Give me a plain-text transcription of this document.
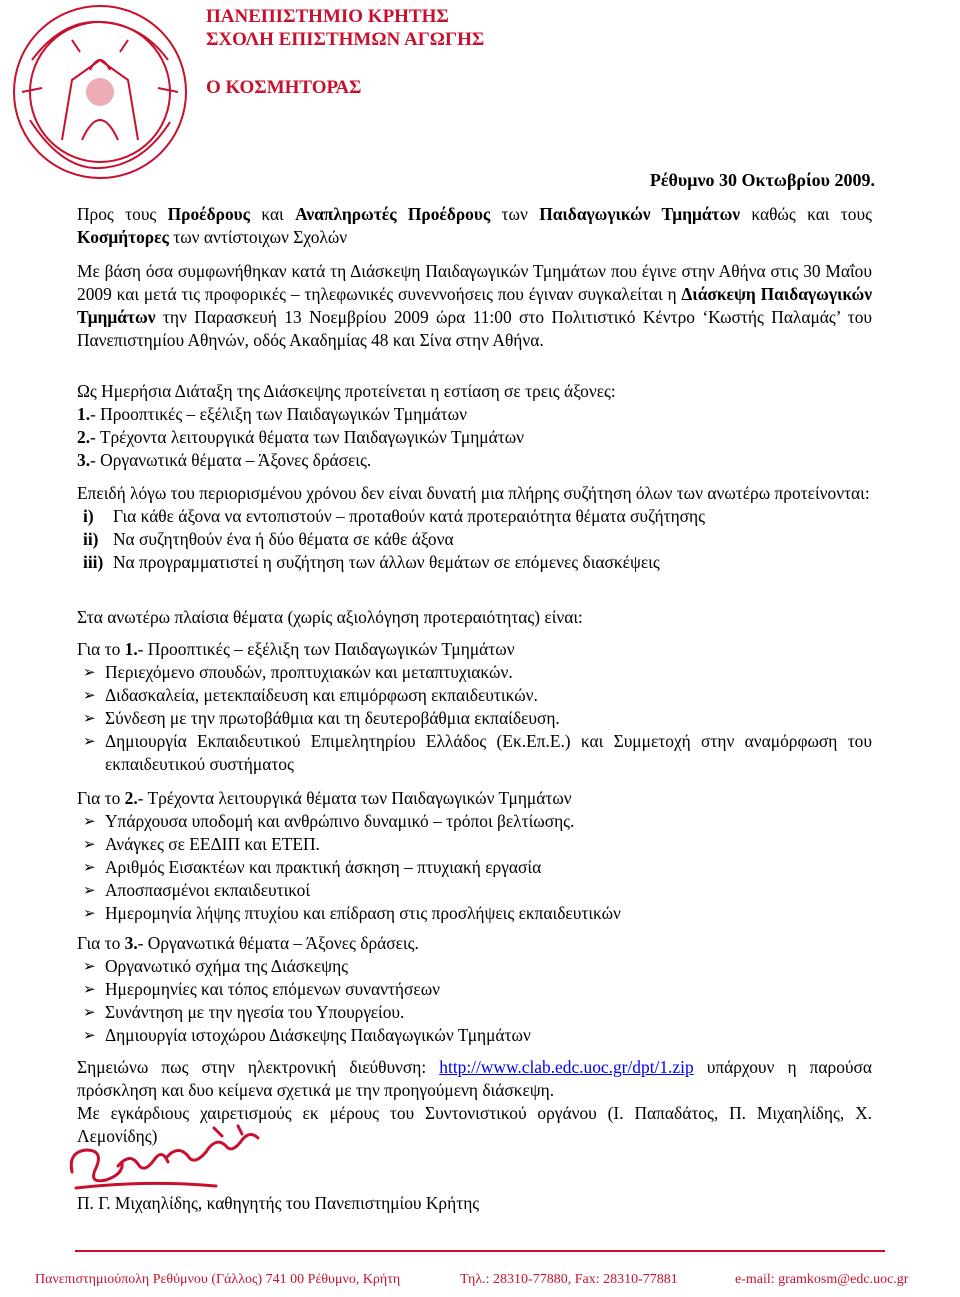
ΠΑΝΕΠΙΣΤΗΜΙΟ ΚΡΗΤΗΣ
ΣΧΟΛΗ ΕΠΙΣΤΗΜΩΝ ΑΓΩΓΗΣ
Ο ΚΟΣΜΗΤΟΡΑΣ
Ρέθυμνο 30 Οκτωβρίου 2009.
Προς τους Προέδρους και Αναπληρωτές Προέδρους των Παιδαγωγικών Τμημάτων καθώς και τους Κοσμήτορες των αντίστοιχων Σχολών
Με βάση όσα συμφωνήθηκαν κατά τη Διάσκεψη Παιδαγωγικών Τμημάτων που έγινε στην Αθήνα στις 30 Μαΐου 2009 και μετά τις προφορικές – τηλεφωνικές συνεννοήσεις που έγιναν συγκαλείται η Διάσκεψη Παιδαγωγικών Τμημάτων την Παρασκευή 13 Νοεμβρίου 2009 ώρα 11:00 στο Πολιτιστικό Κέντρο ‘Κωστής Παλαμάς’ του Πανεπιστημίου Αθηνών, οδός Ακαδημίας 48 και Σίνα στην Αθήνα.
Ως Ημερήσια Διάταξη της Διάσκεψης προτείνεται η εστίαση σε τρεις άξονες:
1.- Προοπτικές – εξέλιξη των Παιδαγωγικών Τμημάτων
2.- Τρέχοντα λειτουργικά θέματα των Παιδαγωγικών Τμημάτων
3.- Οργανωτικά θέματα – Άξονες δράσεις.
Επειδή λόγω του περιορισμένου χρόνου δεν είναι δυνατή μια πλήρης συζήτηση όλων των ανωτέρω προτείνονται:
i) Για κάθε άξονα να εντοπιστούν – προταθούν κατά προτεραιότητα θέματα συζήτησης
ii) Να συζητηθούν ένα ή δύο θέματα σε κάθε άξονα
iii) Να προγραμματιστεί η συζήτηση των άλλων θεμάτων σε επόμενες διασκέψεις
Στα ανωτέρω πλαίσια θέματα (χωρίς αξιολόγηση προτεραιότητας) είναι:
Για το 1.- Προοπτικές – εξέλιξη των Παιδαγωγικών Τμημάτων
➢ Περιεχόμενο σπουδών, προπτυχιακών και μεταπτυχιακών.
➢ Διδασκαλεία, μετεκπαίδευση και επιμόρφωση εκπαιδευτικών.
➢ Σύνδεση με την πρωτοβάθμια και τη δευτεροβάθμια εκπαίδευση.
➢ Δημιουργία Εκπαιδευτικού Επιμελητηρίου Ελλάδος (Εκ.Επ.Ε.) και Συμμετοχή στην αναμόρφωση του εκπαιδευτικού συστήματος
Για το 2.- Τρέχοντα λειτουργικά θέματα των Παιδαγωγικών Τμημάτων
➢ Υπάρχουσα υποδομή και ανθρώπινο δυναμικό – τρόποι βελτίωσης.
➢ Ανάγκες σε ΕΕΔΙΠ και ΕΤΕΠ.
➢ Αριθμός Εισακτέων και πρακτική άσκηση – πτυχιακή εργασία
➢ Αποσπασμένοι εκπαιδευτικοί
➢ Ημερομηνία λήψης πτυχίου και επίδραση στις προσλήψεις εκπαιδευτικών
Για το 3.- Οργανωτικά θέματα – Άξονες δράσεις.
➢ Οργανωτικό σχήμα της Διάσκεψης
➢ Ημερομηνίες και τόπος επόμενων συναντήσεων
➢ Συνάντηση με την ηγεσία του Υπουργείου.
➢ Δημιουργία ιστοχώρου Διάσκεψης Παιδαγωγικών Τμημάτων
Σημειώνω πως στην ηλεκτρονική διεύθυνση: http://www.clab.edc.uoc.gr/dpt/1.zip υπάρχουν η παρούσα πρόσκληση και δυο κείμενα σχετικά με την προηγούμενη διάσκεψη.
Με εγκάρδιους χαιρετισμούς εκ μέρους του Συντονιστικού οργάνου (Ι. Παπαδάτος, Π. Μιχαηλίδης, Χ. Λεμονίδης)
Π. Γ. Μιχαηλίδης, καθηγητής του Πανεπιστημίου Κρήτης
Πανεπιστημιούπολη Ρεθύμνου (Γάλλος) 741 00 Ρέθυμνο, Κρήτη	Τηλ.: 28310-77880, Fax: 28310-77881	e-mail: gramkosm@edc.uoc.gr
